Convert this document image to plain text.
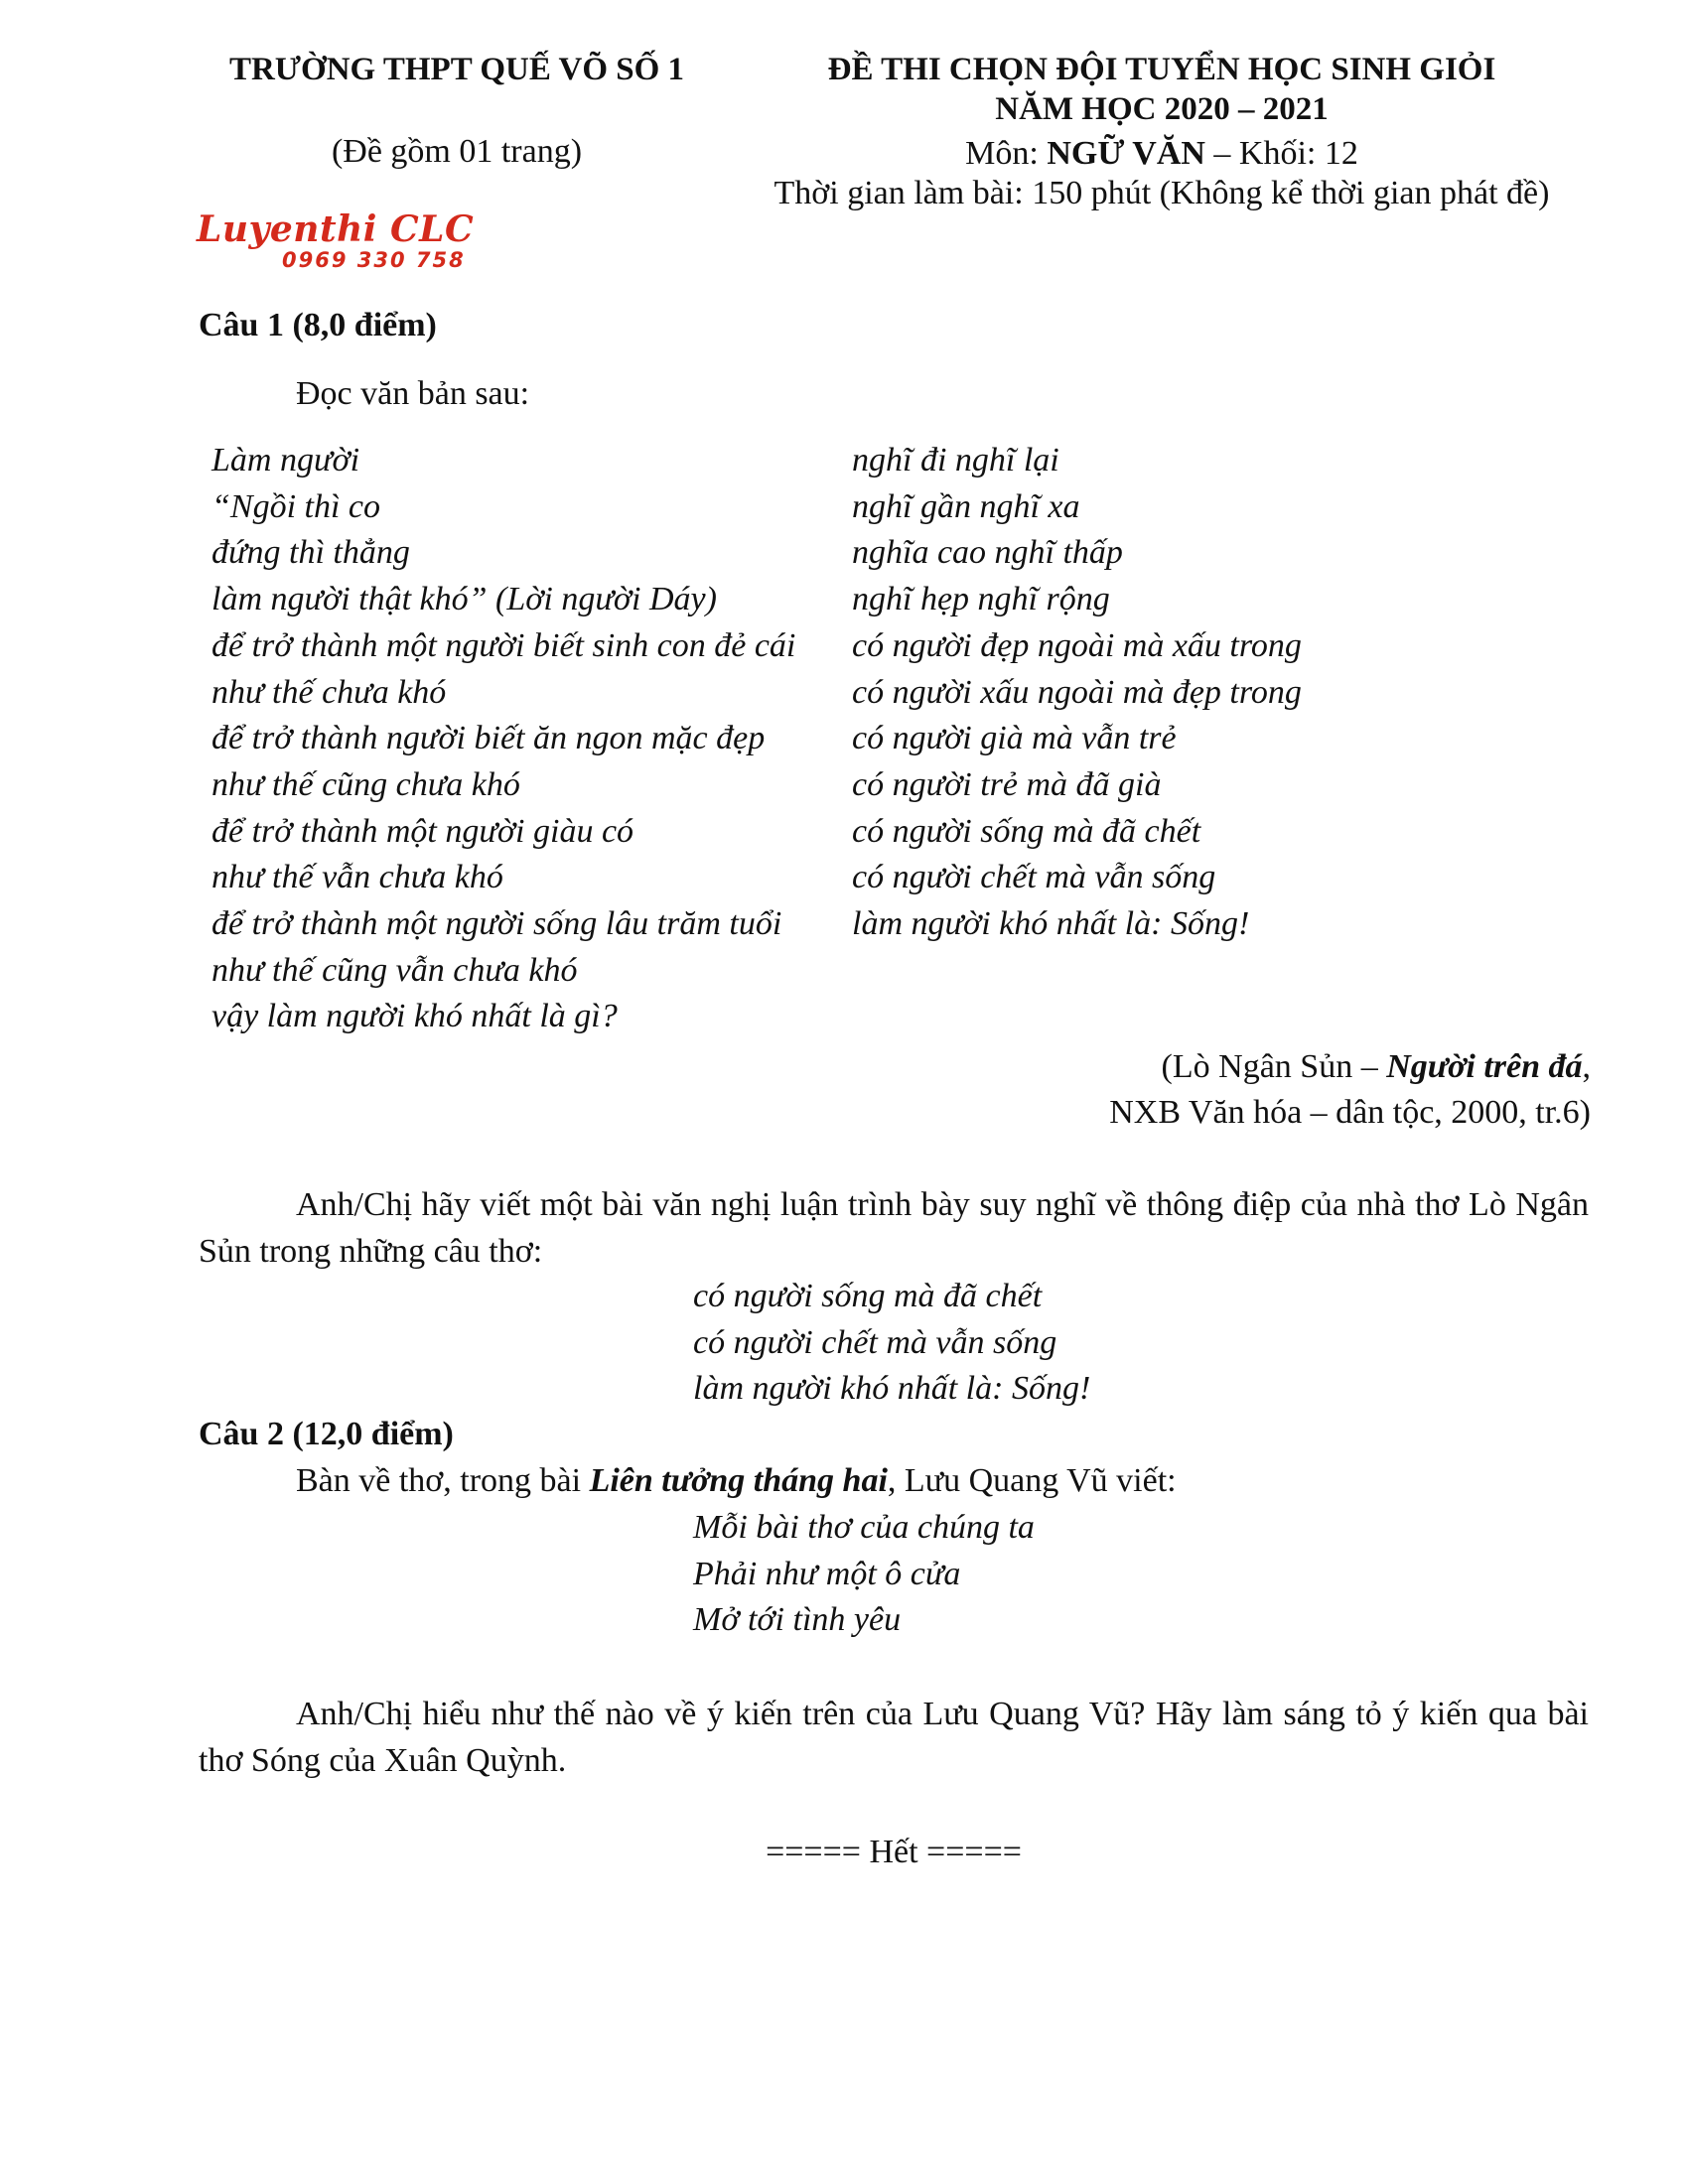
TRƯỜNG THPT QUẾ VÕ SỐ 1
(Đề gồm 01 trang)
Luyenthi CLC
0969 330 758
ĐỀ THI CHỌN ĐỘI TUYỂN HỌC SINH GIỎI
NĂM HỌC 2020 – 2021
Môn: NGỮ VĂN – Khối: 12
Thời gian làm bài: 150 phút (Không kể thời gian phát đề)
Câu 1 (8,0 điểm)
Đọc văn bản sau:
Làm người
“Ngồi thì co
đứng thì thẳng
làm người thật khó” (Lời người Dáy)
để trở thành một người biết sinh con đẻ cái
như thế chưa khó
để trở thành người biết ăn ngon mặc đẹp
như thế cũng chưa khó
để trở thành một người giàu có
như thế vẫn chưa khó
để trở thành một người sống lâu trăm tuổi
như thế cũng vẫn chưa khó
vậy làm người khó nhất là gì?
nghĩ đi nghĩ lại
nghĩ gần nghĩ xa
nghĩa cao nghĩ thấp
nghĩ hẹp nghĩ rộng
có người đẹp ngoài mà xấu trong
có người xấu ngoài mà đẹp trong
có người già mà vẫn trẻ
có người trẻ mà đã già
có người sống mà đã chết
có người chết mà vẫn sống
làm người khó nhất là: Sống!
(Lò Ngân Sủn – Người trên đá,
NXB Văn hóa – dân tộc, 2000, tr.6)
Anh/Chị hãy viết một bài văn nghị luận trình bày suy nghĩ về thông điệp của nhà thơ Lò Ngân Sủn trong những câu thơ:
có người sống mà đã chết
có người chết mà vẫn sống
làm người khó nhất là: Sống!
Câu 2 (12,0 điểm)
Bàn về thơ, trong bài Liên tưởng tháng hai, Lưu Quang Vũ viết:
Mỗi bài thơ của chúng ta
Phải như một ô cửa
Mở tới tình yêu
Anh/Chị hiểu như thế nào về ý kiến trên của Lưu Quang Vũ? Hãy làm sáng tỏ ý kiến qua bài thơ Sóng của Xuân Quỳnh.
===== Hết =====
